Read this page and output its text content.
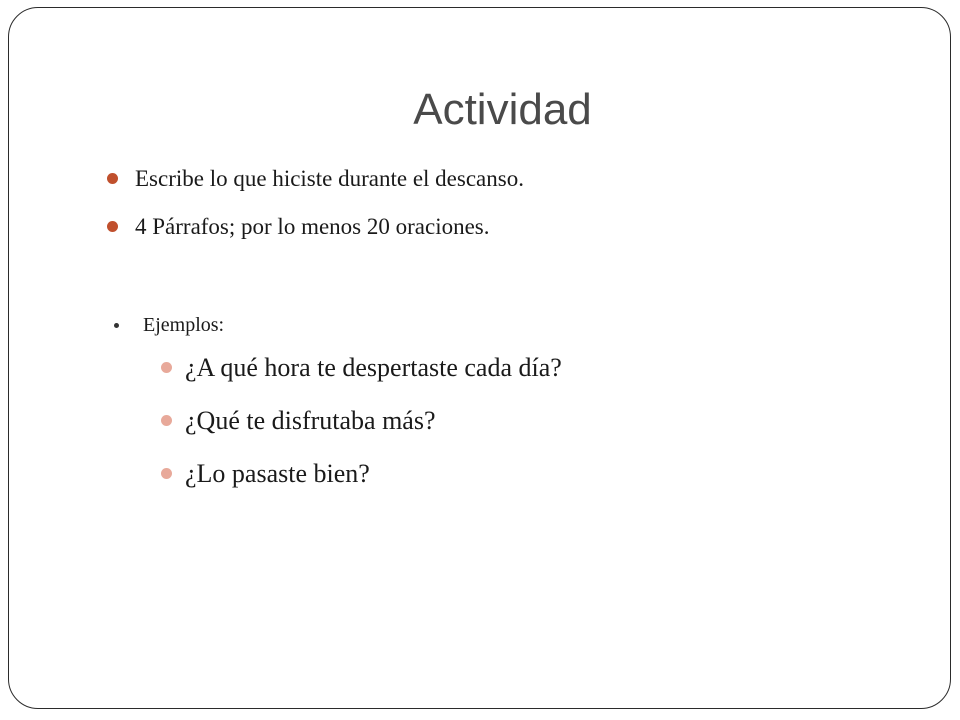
Actividad
Escribe lo que hiciste durante el descanso.
4 Párrafos; por lo menos 20 oraciones.
Ejemplos:
¿A qué hora te despertaste cada día?
¿Qué te disfrutaba más?
¿Lo pasaste bien?
